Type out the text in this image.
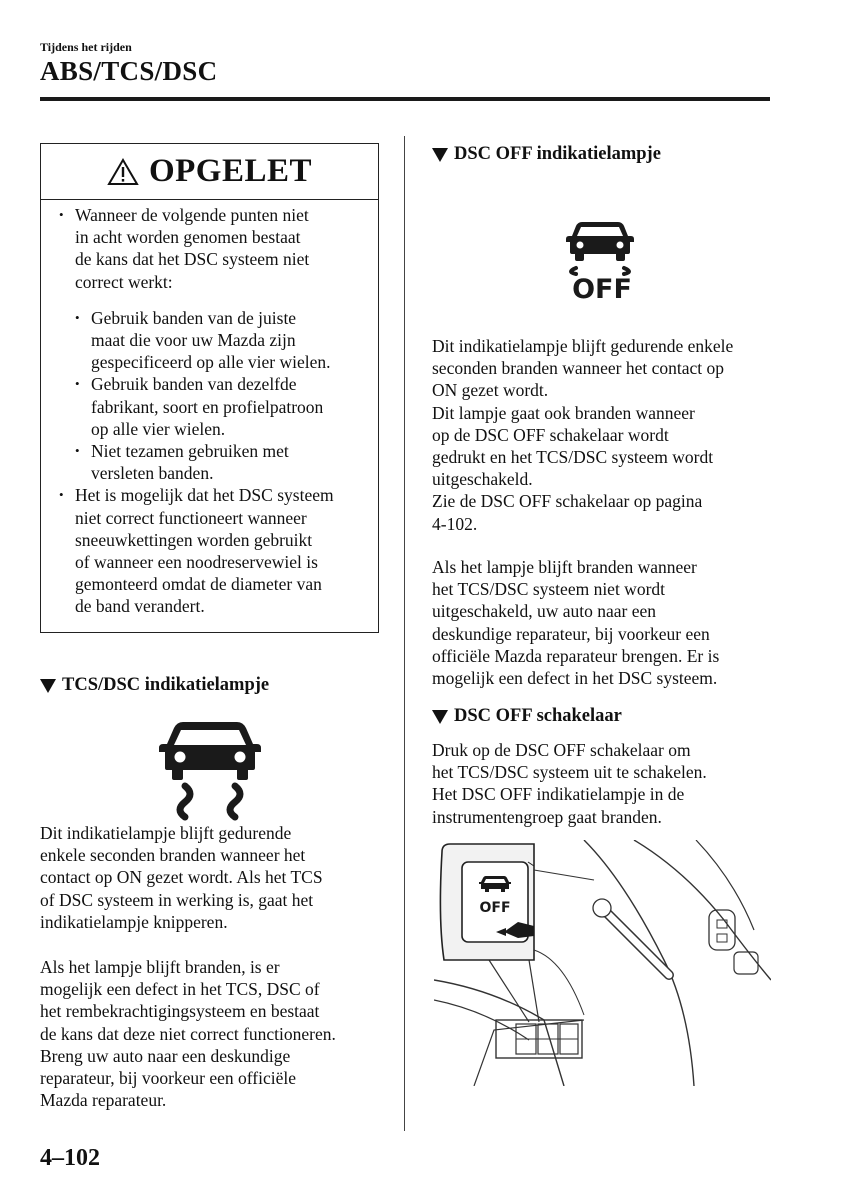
Tijdens het rijden
ABS/TCS/DSC
OPGELET
• Wanneer de volgende punten niet
in acht worden genomen bestaat
de kans dat het DSC systeem niet
correct werkt:
• Gebruik banden van de juiste
maat die voor uw Mazda zijn
gespecificeerd op alle vier wielen.
• Gebruik banden van dezelfde
fabrikant, soort en profielpatroon
op alle vier wielen.
• Niet tezamen gebruiken met
versleten banden.
• Het is mogelijk dat het DSC systeem
niet correct functioneert wanneer
sneeuwkettingen worden gebruikt
of wanneer een noodreservewiel is
gemonteerd omdat de diameter van
de band verandert.
TCS/DSC indikatielampje
Dit indikatielampje blijft gedurende
enkele seconden branden wanneer het
contact op ON gezet wordt. Als het TCS
of DSC systeem in werking is, gaat het
indikatielampje knipperen.
Als het lampje blijft branden, is er
mogelijk een defect in het TCS, DSC of
het rembekrachtigingsysteem en bestaat
de kans dat deze niet correct functioneren.
Breng uw auto naar een deskundige
reparateur, bij voorkeur een officiële
Mazda reparateur.
4–102
DSC OFF indikatielampje
OFF
Dit indikatielampje blijft gedurende enkele
seconden branden wanneer het contact op
ON gezet wordt.
Dit lampje gaat ook branden wanneer
op de DSC OFF schakelaar wordt
gedrukt en het TCS/DSC systeem wordt
uitgeschakeld.
Zie de DSC OFF schakelaar op pagina
4-102.
Als het lampje blijft branden wanneer
het TCS/DSC systeem niet wordt
uitgeschakeld, uw auto naar een
deskundige reparateur, bij voorkeur een
officiële Mazda reparateur brengen. Er is
mogelijk een defect in het DSC systeem.
DSC OFF schakelaar
Druk op de DSC OFF schakelaar om
het TCS/DSC systeem uit te schakelen.
Het DSC OFF indikatielampje in de
instrumentengroep gaat branden.
OFF
